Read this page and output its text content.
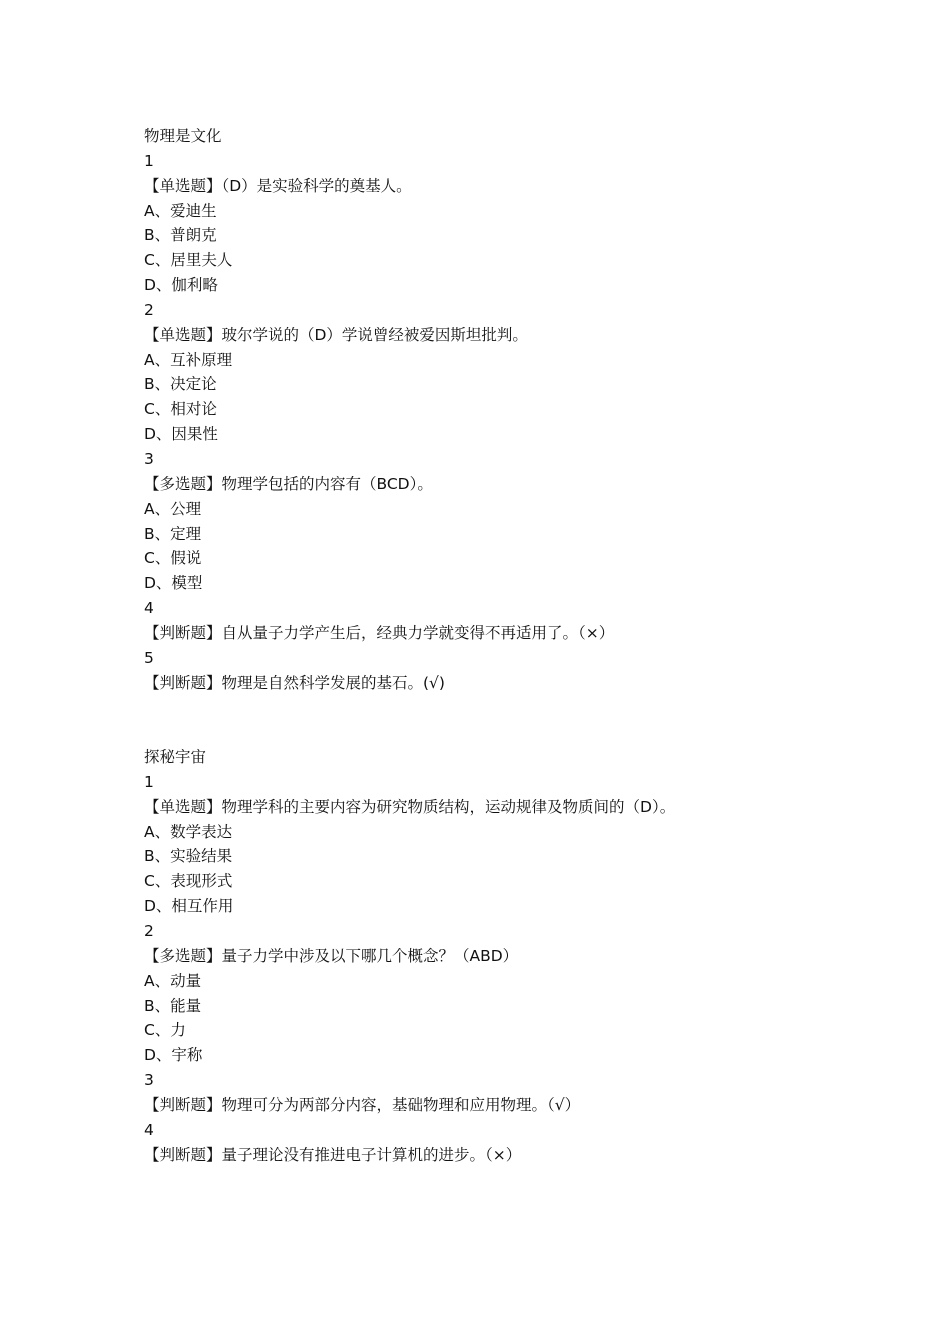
物理是文化
1
【单选题】（D）是实验科学的奠基人。
A、爱迪生
B、普朗克
C、居里夫人
D、伽利略
2
【单选题】玻尔学说的（D）学说曾经被爱因斯坦批判。
A、互补原理
B、决定论
C、相对论
D、因果性
3
【多选题】物理学包括的内容有（BCD）。
A、公理
B、定理
C、假说
D、模型
4
【判断题】自从量子力学产生后，经典力学就变得不再适用了。（×）
5
【判断题】物理是自然科学发展的基石。(√)
探秘宇宙
1
【单选题】物理学科的主要内容为研究物质结构，运动规律及物质间的（D）。
A、数学表达
B、实验结果
C、表现形式
D、相互作用
2
【多选题】量子力学中涉及以下哪几个概念？（ABD）
A、动量
B、能量
C、力
D、宇称
3
【判断题】物理可分为两部分内容，基础物理和应用物理。（√）
4
【判断题】量子理论没有推进电子计算机的进步。（×）
